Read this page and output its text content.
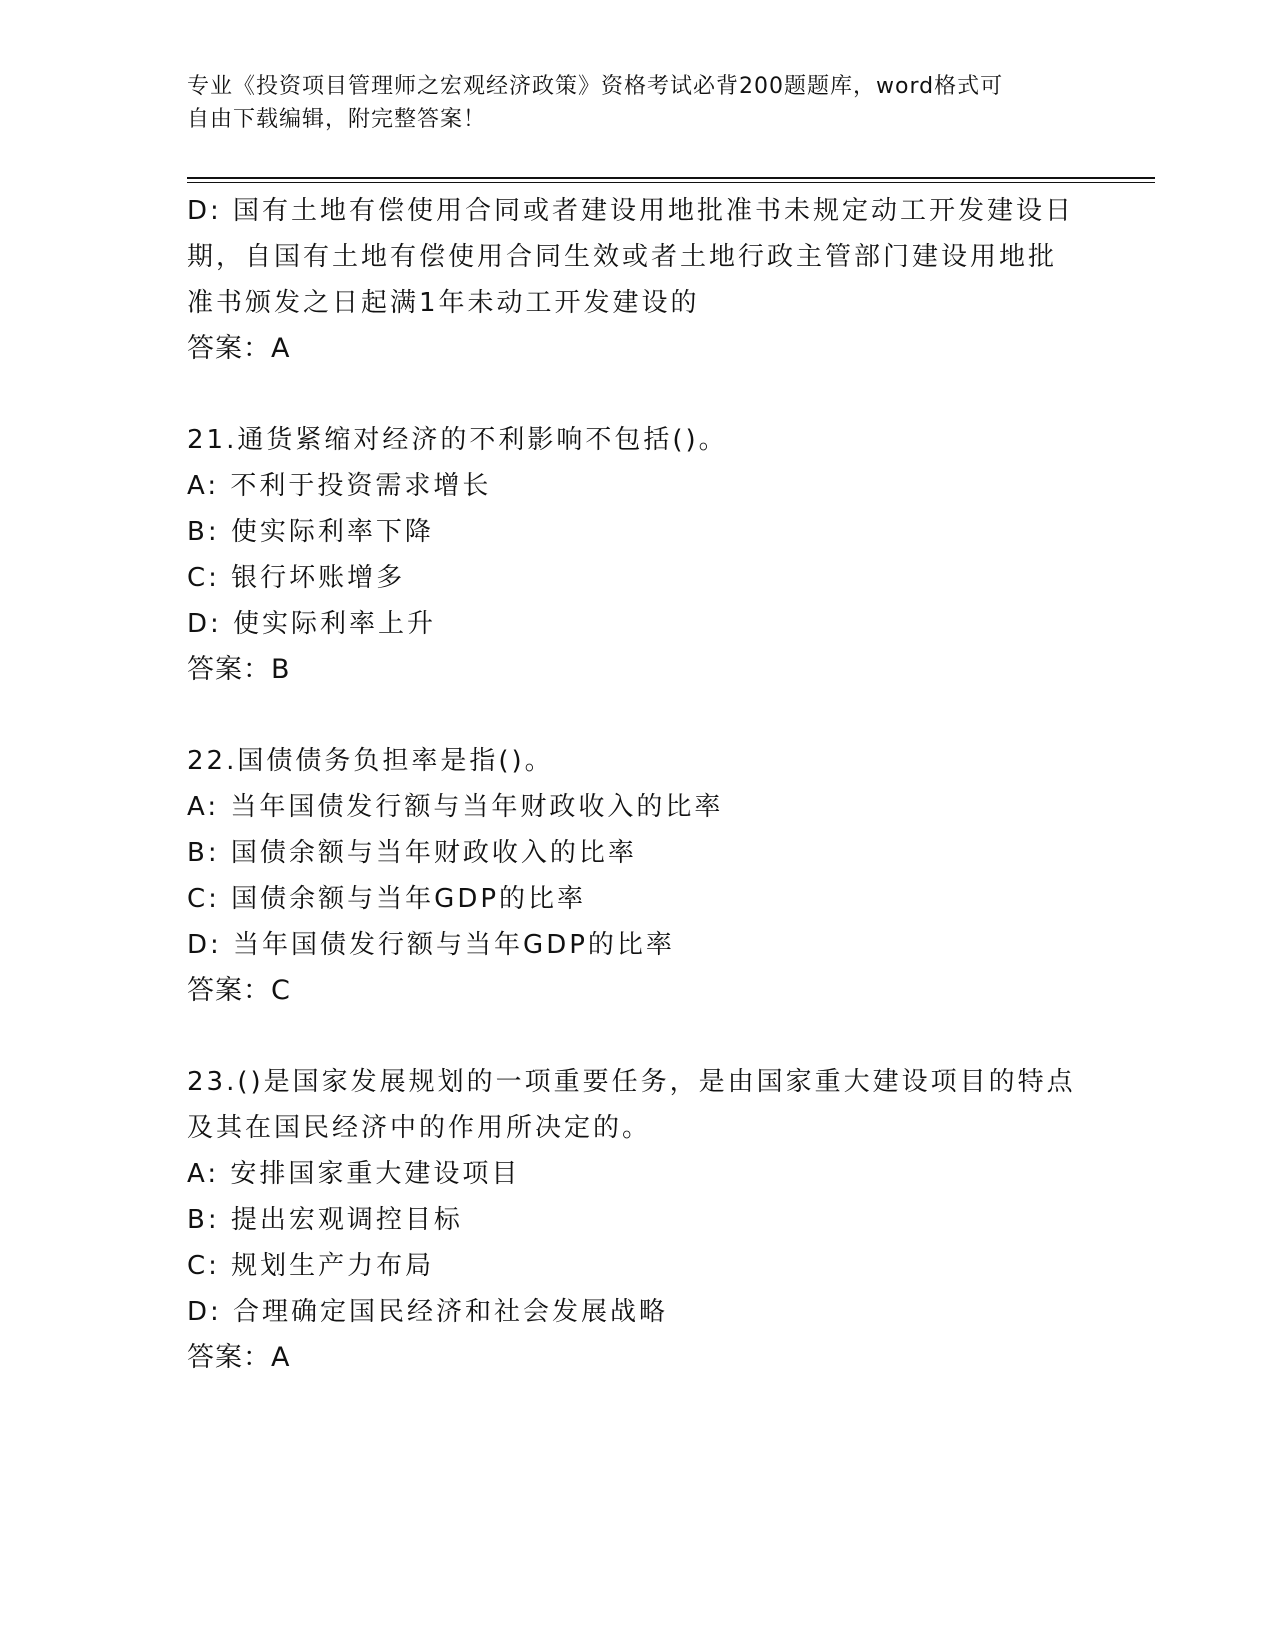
专业《投资项目管理师之宏观经济政策》资格考试必背200题题库，word格式可
自由下载编辑，附完整答案！
D: 国有土地有偿使用合同或者建设用地批准书未规定动工开发建设日
期，自国有土地有偿使用合同生效或者土地行政主管部门建设用地批
准书颁发之日起满1年未动工开发建设的
答案：A
21.通货紧缩对经济的不利影响不包括()。
A: 不利于投资需求增长
B: 使实际利率下降
C: 银行坏账增多
D: 使实际利率上升
答案：B
22.国债债务负担率是指()。
A: 当年国债发行额与当年财政收入的比率
B: 国债余额与当年财政收入的比率
C: 国债余额与当年GDP的比率
D: 当年国债发行额与当年GDP的比率
答案：C
23.()是国家发展规划的一项重要任务，是由国家重大建设项目的特点
及其在国民经济中的作用所决定的。
A: 安排国家重大建设项目
B: 提出宏观调控目标
C: 规划生产力布局
D: 合理确定国民经济和社会发展战略
答案：A
